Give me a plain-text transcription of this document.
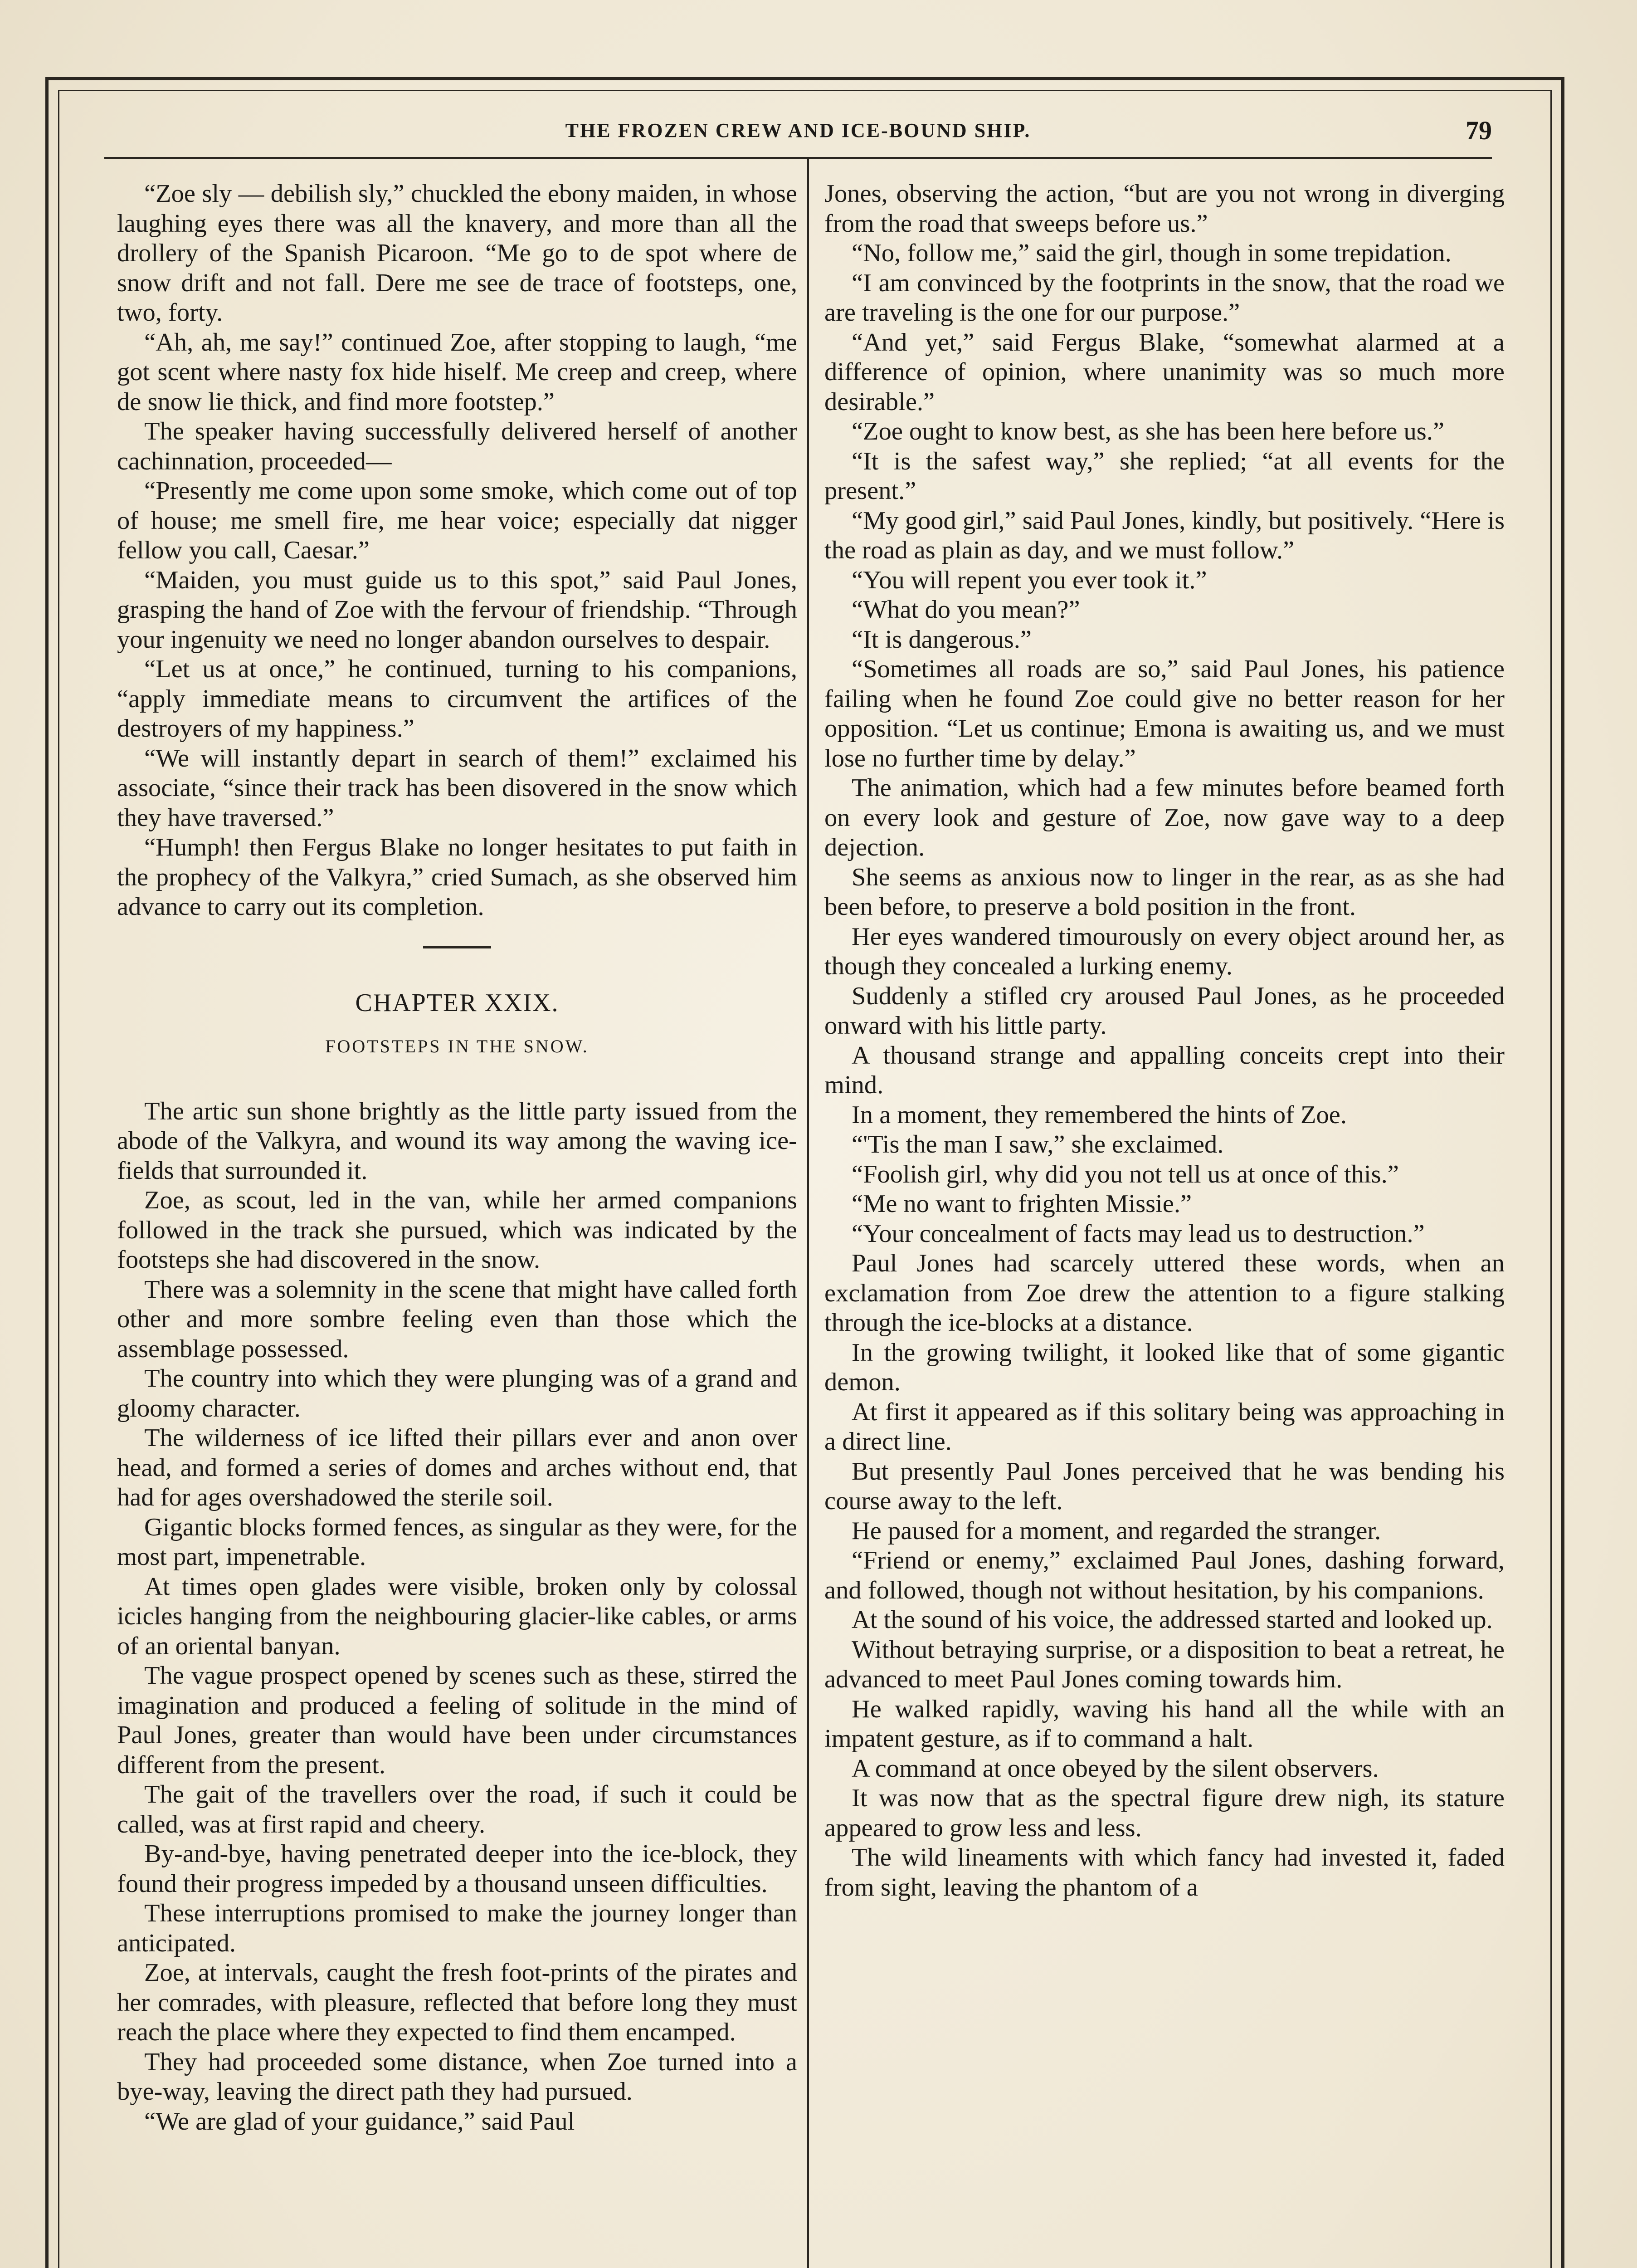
THE FROZEN CREW AND ICE-BOUND SHIP.	79

“Zoe sly — debilish sly,” chuckled the ebony maiden, in whose laughing eyes there was all the knavery, and more than all the drollery of the Spanish Picaroon. “Me go to de spot where de snow drift and not fall. Dere me see de trace of footsteps, one, two, forty.

“Ah, ah, me say!” continued Zoe, after stopping to laugh, “me got scent where nasty fox hide hiself. Me creep and creep, where de snow lie thick, and find more footstep.”

The speaker having successfully delivered herself of another cachinnation, proceeded—

“Presently me come upon some smoke, which come out of top of house; me smell fire, me hear voice; especially dat nigger fellow you call, Caesar.”

“Maiden, you must guide us to this spot,” said Paul Jones, grasping the hand of Zoe with the fervour of friendship. “Through your ingenuity we need no longer abandon ourselves to despair.

“Let us at once,” he continued, turning to his companions, “apply immediate means to circumvent the artifices of the destroyers of my happiness.”

“We will instantly depart in search of them!” exclaimed his associate, “since their track has been disovered in the snow which they have traversed.”

“Humph! then Fergus Blake no longer hesitates to put faith in the prophecy of the Valkyra,” cried Sumach, as she observed him advance to carry out its completion.

CHAPTER XXIX.
FOOTSTEPS IN THE SNOW.

The artic sun shone brightly as the little party issued from the abode of the Valkyra, and wound its way among the waving ice-fields that surrounded it.

Zoe, as scout, led in the van, while her armed companions followed in the track she pursued, which was indicated by the footsteps she had discovered in the snow.

There was a solemnity in the scene that might have called forth other and more sombre feeling even than those which the assemblage possessed.

The country into which they were plunging was of a grand and gloomy character.

The wilderness of ice lifted their pillars ever and anon over head, and formed a series of domes and arches without end, that had for ages overshadowed the sterile soil.

Gigantic blocks formed fences, as singular as they were, for the most part, impenetrable.

At times open glades were visible, broken only by colossal icicles hanging from the neighbouring glacier-like cables, or arms of an oriental banyan.

The vague prospect opened by scenes such as these, stirred the imagination and produced a feeling of solitude in the mind of Paul Jones, greater than would have been under circumstances different from the present.

The gait of the travellers over the road, if such it could be called, was at first rapid and cheery.

By-and-bye, having penetrated deeper into the ice-block, they found their progress impeded by a thousand unseen difficulties.

These interruptions promised to make the journey longer than anticipated.

Zoe, at intervals, caught the fresh foot-prints of the pirates and her comrades, with pleasure, reflected that before long they must reach the place where they expected to find them encamped.

They had proceeded some distance, when Zoe turned into a bye-way, leaving the direct path they had pursued.

“We are glad of your guidance,” said Paul

Jones, observing the action, “but are you not wrong in diverging from the road that sweeps before us.”

“No, follow me,” said the girl, though in some trepidation.

“I am convinced by the footprints in the snow, that the road we are traveling is the one for our purpose.”

“And yet,” said Fergus Blake, “somewhat alarmed at a difference of opinion, where unanimity was so much more desirable.”

“Zoe ought to know best, as she has been here before us.”

“It is the safest way,” she replied; “at all events for the present.”

“My good girl,” said Paul Jones, kindly, but positively. “Here is the road as plain as day, and we must follow.”

“You will repent you ever took it.”

“What do you mean?”

“It is dangerous.”

“Sometimes all roads are so,” said Paul Jones, his patience failing when he found Zoe could give no better reason for her opposition. “Let us continue; Emona is awaiting us, and we must lose no further time by delay.”

The animation, which had a few minutes before beamed forth on every look and gesture of Zoe, now gave way to a deep dejection.

She seems as anxious now to linger in the rear, as as she had been before, to preserve a bold position in the front.

Her eyes wandered timourously on every object around her, as though they concealed a lurking enemy.

Suddenly a stifled cry aroused Paul Jones, as he proceeded onward with his little party.

A thousand strange and appalling conceits crept into their mind.

In a moment, they remembered the hints of Zoe.

“'Tis the man I saw,” she exclaimed.

“Foolish girl, why did you not tell us at once of this.”

“Me no want to frighten Missie.”

“Your concealment of facts may lead us to destruction.”

Paul Jones had scarcely uttered these words, when an exclamation from Zoe drew the attention to a figure stalking through the ice-blocks at a distance.

In the growing twilight, it looked like that of some gigantic demon.

At first it appeared as if this solitary being was approaching in a direct line.

But presently Paul Jones perceived that he was bending his course away to the left.

He paused for a moment, and regarded the stranger.

“Friend or enemy,” exclaimed Paul Jones, dashing forward, and followed, though not without hesitation, by his companions.

At the sound of his voice, the addressed started and looked up.

Without betraying surprise, or a disposition to beat a retreat, he advanced to meet Paul Jones coming towards him.

He walked rapidly, waving his hand all the while with an impatent gesture, as if to command a halt.

A command at once obeyed by the silent observers.

It was now that as the spectral figure drew nigh, its stature appeared to grow less and less.

The wild lineaments with which fancy had invested it, faded from sight, leaving the phantom of a
